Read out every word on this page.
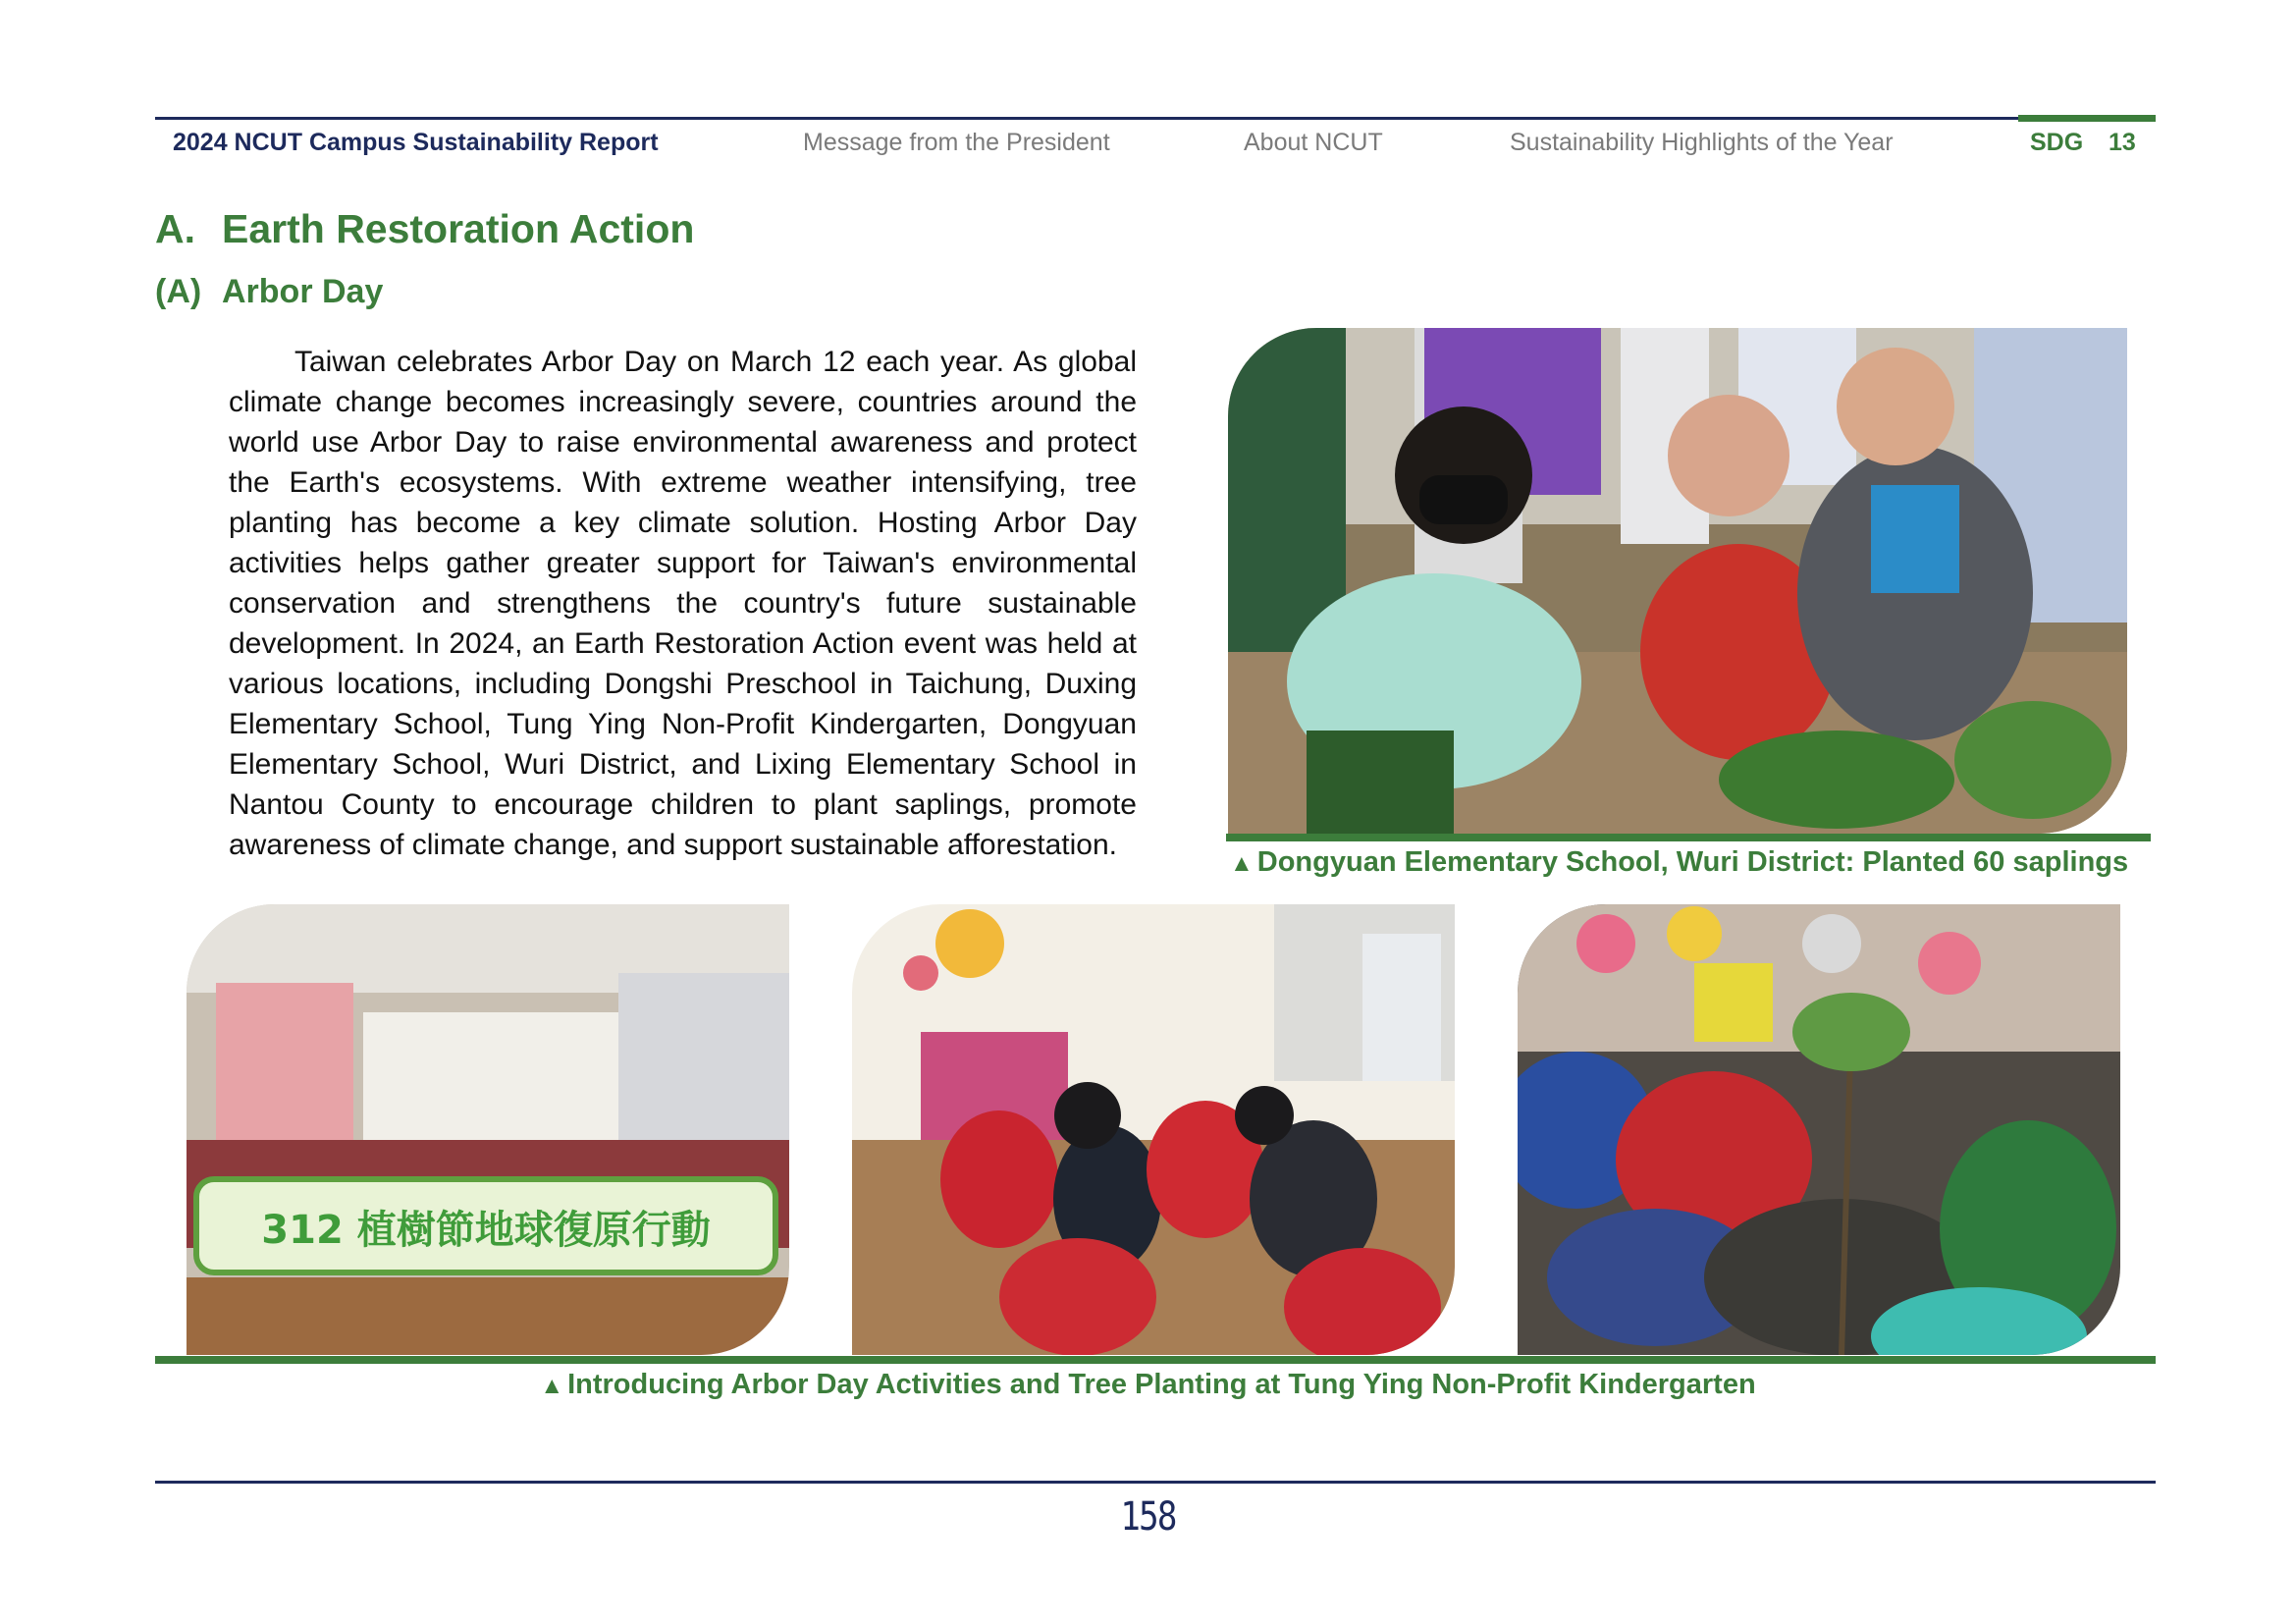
2024 NCUT Campus Sustainability Report	Message from the President	About NCUT	Sustainability Highlights of the Year	SDG 13
A. Earth Restoration Action
(A) Arbor Day

Taiwan celebrates Arbor Day on March 12 each year. As global climate change becomes increasingly severe, countries around the world use Arbor Day to raise environmental awareness and protect the Earth's ecosystems. With extreme weather intensifying, tree planting has become a key climate solution. Hosting Arbor Day activities helps gather greater support for Taiwan's environmental conservation and strengthens the country's future sustainable development. In 2024, an Earth Restoration Action event was held at various locations, including Dongshi Preschool in Taichung, Duxing Elementary School, Tung Ying Non-Profit Kindergarten, Dongyuan Elementary School, Wuri District, and Lixing Elementary School in Nantou County to encourage children to plant saplings, promote awareness of climate change, and support sustainable afforestation.

▲ Dongyuan Elementary School, Wuri District: Planted 60 saplings
312 植樹節地球復原行動
▲ Introducing Arbor Day Activities and Tree Planting at Tung Ying Non-Profit Kindergarten
158
